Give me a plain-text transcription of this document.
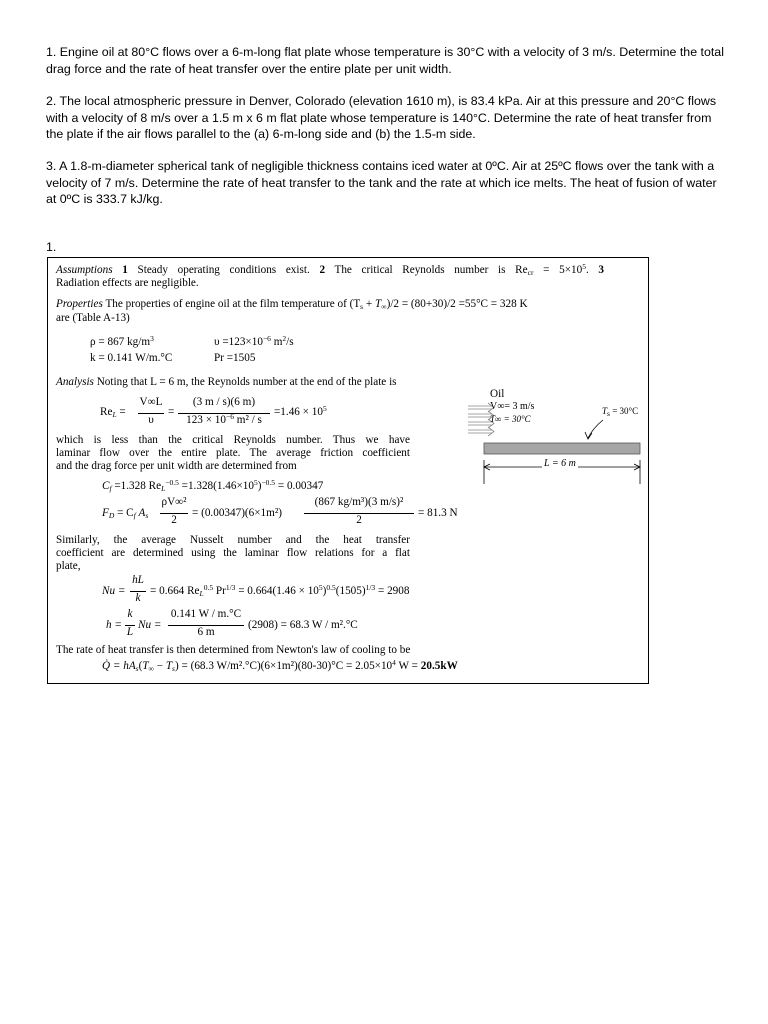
1. Engine oil at 80°C flows over a 6-m-long flat plate whose temperature is 30°C with a velocity of 3 m/s. Determine the total drag force and the rate of heat transfer over the entire plate per unit width.
2. The local atmospheric pressure in Denver, Colorado (elevation 1610 m), is 83.4 kPa. Air at this pressure and 20°C flows with a velocity of 8 m/s over a 1.5 m x 6 m flat plate whose temperature is 140°C. Determine the rate of heat transfer from the plate if the air flows parallel to the (a) 6-m-long side and (b) the 1.5-m side.
3. A 1.8-m-diameter spherical tank of negligible thickness contains iced water at 0ºC. Air at 25ºC flows over the tank with a velocity of 7 m/s. Determine the rate of heat transfer to the tank and the rate at which ice melts. The heat of fusion of water at 0ºC is 333.7 kJ/kg.
1.
Assumptions 1 Steady operating conditions exist. 2 The critical Reynolds number is $Re_{cr} = 5\times 10^5$. 3
Radiation effects are negligible.
Properties The properties of engine oil at the film temperature of $(T_s + T_\infty)/2 = (80+30)/2 =55^\circ C = 328$ K
are (Table A-13)
ρ = 867 $kg/m^3$	$\upsilon =123\times 10^{-6}$ $m^2/s$
k = 0.141 W/m.°C	Pr =1505
Analysis Noting that L = 6 m, the Reynolds number at the end of the plate is
$Re_L$ =
V∞L
υ
=
(3 m / s)(6 m)
$123 \times 10^{-6}$ m² / s
$=1.46 \times 10^5$
which is less than the critical Reynolds number. Thus we have
laminar flow over the entire plate. The average friction coefficient
and the drag force per unit width are determined from
$C_f =1.328$ $Re_L^{-0.5} =1.328(1.46\times 10^5)^{-0.5} = 0.00347$
$F_D = C_f$ $A_s$
ρV∞²
2
= (0.00347)(6×1m²)
(867 kg/m³)(3 m/s)²
2
= 81.3 N
Similarly, the average Nusselt number and the heat transfer
coefficient are determined using the laminar flow relations for a flat
plate,
Nu =
hL
k
= 0.664 $Re_L^{0.5}$ $Pr^{1/3} = 0.664(1.46 \times 10^5)^{0.5}(1505)^{1/3} = 2908$
h =
k
L
Nu =
0.141 W / m.°C
6 m
(2908) = 68.3 W / m².°C
The rate of heat transfer is then determined from Newton's law of cooling to be
Q̇ = $hA_s(T_\infty - T_s) = (68.3$ $W/m^2.^\circ C)(6\times 1m^2)(80-30)^\circ C = 2.05\times 10^4$ W = 20.5kW
Oil
V∞= 3 m/s
T∞ = 30°C
$T_s = 30^\circ C$
L = 6 m
